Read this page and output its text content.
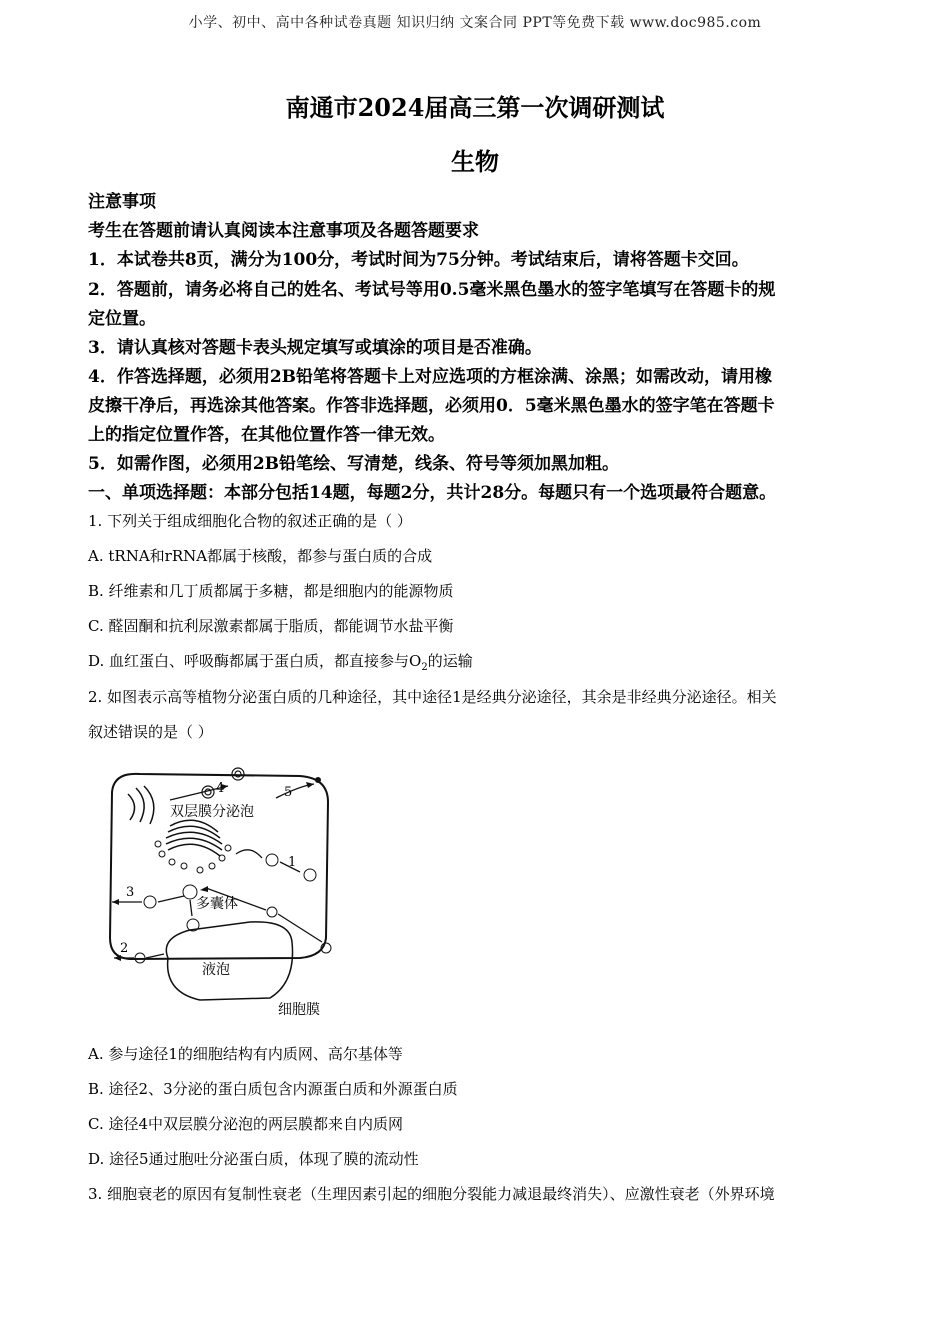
小学、初中、高中各种试卷真题 知识归纳 文案合同 PPT等免费下载 www.doc985.com
南通市2024届高三第一次调研测试
生物
注意事项
考生在答题前请认真阅读本注意事项及各题答题要求
1．本试卷共8页，满分为100分，考试时间为75分钟。考试结束后，请将答题卡交回。
2．答题前，请务必将自己的姓名、考试号等用0.5毫米黑色墨水的签字笔填写在答题卡的规
定位置。
3．请认真核对答题卡表头规定填写或填涂的项目是否准确。
4．作答选择题，必须用2B铅笔将答题卡上对应选项的方框涂满、涂黑；如需改动，请用橡
皮擦干净后，再选涂其他答案。作答非选择题，必须用0．5毫米黑色墨水的签字笔在答题卡
上的指定位置作答，在其他位置作答一律无效。
5．如需作图，必须用2B铅笔绘、写清楚，线条、符号等须加黑加粗。
一、单项选择题：本部分包括14题，每题2分，共计28分。每题只有一个选项最符合题意。
1. 下列关于组成细胞化合物的叙述正确的是（ ）
A. tRNA和rRNA都属于核酸，都参与蛋白质的合成
B. 纤维素和几丁质都属于多糖，都是细胞内的能源物质
C. 醛固酮和抗利尿激素都属于脂质，都能调节水盐平衡
D. 血红蛋白、呼吸酶都属于蛋白质，都直接参与$O_2$的运输
2. 如图表示高等植物分泌蛋白质的几种途径，其中途径1是经典分泌途径，其余是非经典分泌途径。相关
叙述错误的是（ ）
双层膜分泌泡
多囊体
液泡
细胞膜
1
2
3
4	5
A. 参与途径1的细胞结构有内质网、高尔基体等
B. 途径2、3分泌的蛋白质包含内源蛋白质和外源蛋白质
C. 途径4中双层膜分泌泡的两层膜都来自内质网
D. 途径5通过胞吐分泌蛋白质，体现了膜的流动性
3. 细胞衰老的原因有复制性衰老（生理因素引起的细胞分裂能力减退最终消失）、应激性衰老（外界环境
